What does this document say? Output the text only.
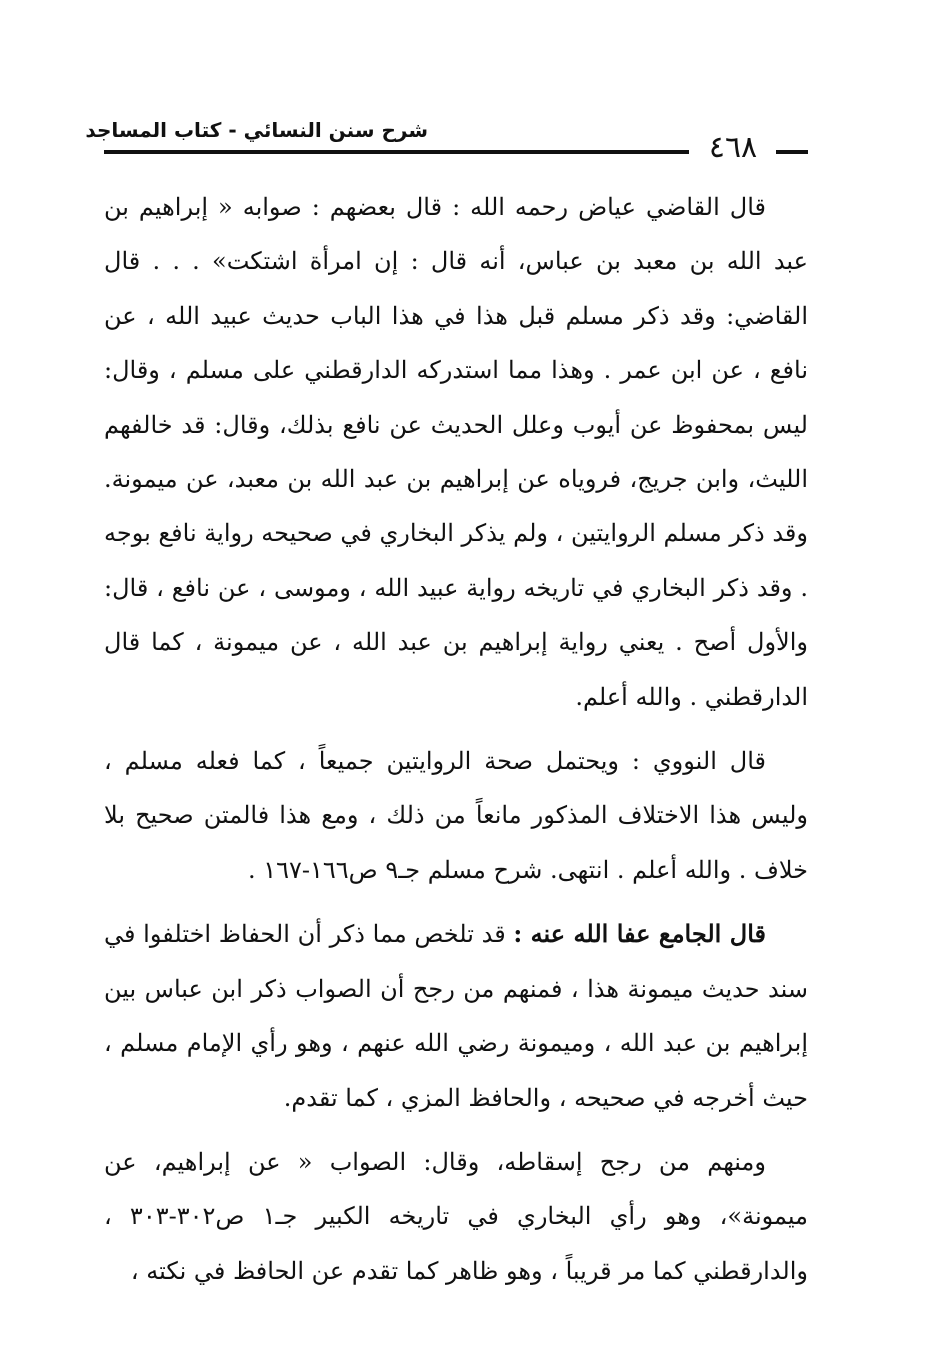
شرح سنن النسائي - كتاب المساجد	٤٦٨

قال القاضي عياض رحمه الله : قال بعضهم : صوابه « إبراهيم بن عبد الله بن معبد بن عباس، أنه قال : إن امرأة اشتكت» . . . قال القاضي: وقد ذكر مسلم قبل هذا في هذا الباب حديث عبيد الله ، عن نافع ، عن ابن عمر . وهذا مما استدركه الدارقطني على مسلم ، وقال: ليس بمحفوظ عن أيوب وعلل الحديث عن نافع بذلك، وقال: قد خالفهم الليث، وابن جريج، فروياه عن إبراهيم بن عبد الله بن معبد، عن ميمونة. وقد ذكر مسلم الروايتين ، ولم يذكر البخاري في صحيحه رواية نافع بوجه . وقد ذكر البخاري في تاريخه رواية عبيد الله ، وموسى ، عن نافع ، قال: والأول أصح . يعني رواية إبراهيم بن عبد الله ، عن ميمونة ، كما قال الدارقطني . والله أعلم.

قال النووي : ويحتمل صحة الروايتين جميعاً ، كما فعله مسلم ، وليس هذا الاختلاف المذكور مانعاً من ذلك ، ومع هذا فالمتن صحيح بلا خلاف . والله أعلم . انتهى. شرح مسلم جـ٩ ص١٦٦-١٦٧ .

قال الجامع عفا الله عنه : قد تلخص مما ذكر أن الحفاظ اختلفوا في سند حديث ميمونة هذا ، فمنهم من رجح أن الصواب ذكر ابن عباس بين إبراهيم بن عبد الله ، وميمونة رضي الله عنهم ، وهو رأي الإمام مسلم ، حيث أخرجه في صحيحه ، والحافظ المزي ، كما تقدم.

ومنهم من رجح إسقاطه، وقال: الصواب « عن إبراهيم، عن ميمونة»، وهو رأي البخاري في تاريخه الكبير جـ١ ص٣٠٢-٣٠٣ ، والدارقطني كما مر قريباً ، وهو ظاهر كما تقدم عن الحافظ في نكته ،
